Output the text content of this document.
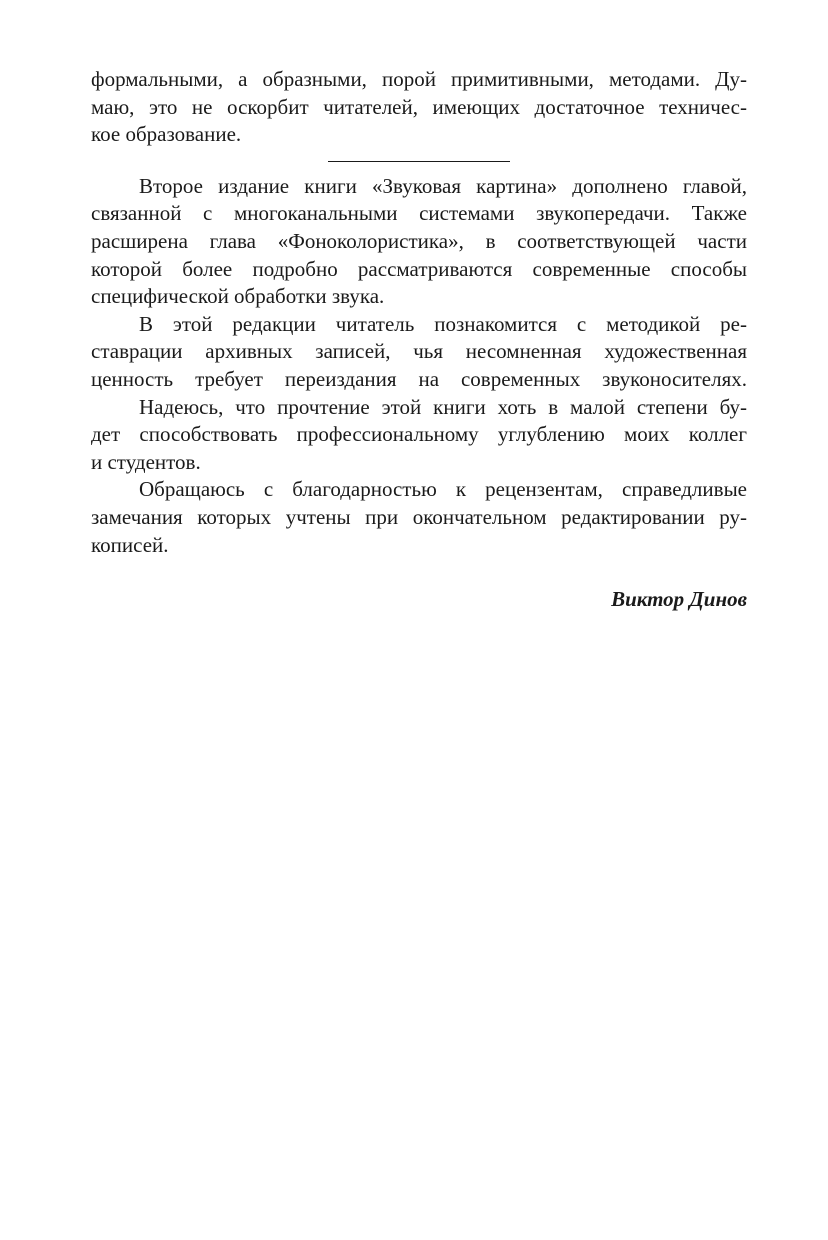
формальными, а образными, порой примитивными, методами. Ду-
маю, это не оскорбит читателей, имеющих достаточное техничес-
кое образование.
Второе издание книги «Звуковая картина» дополнено главой,
связанной с многоканальными системами звукопередачи. Также
расширена глава «Фоноколористика», в соответствующей части
которой более подробно рассматриваются современные способы
специфической обработки звука.
В этой редакции читатель познакомится с методикой ре-
ставрации архивных записей, чья несомненная художественная
ценность требует переиздания на современных звуконосителях.
Надеюсь, что прочтение этой книги хоть в малой степени бу-
дет способствовать профессиональному углублению моих коллег
и студентов.
Обращаюсь с благодарностью к рецензентам, справедливые
замечания которых учтены при окончательном редактировании ру-
кописей.
Виктор Динов
